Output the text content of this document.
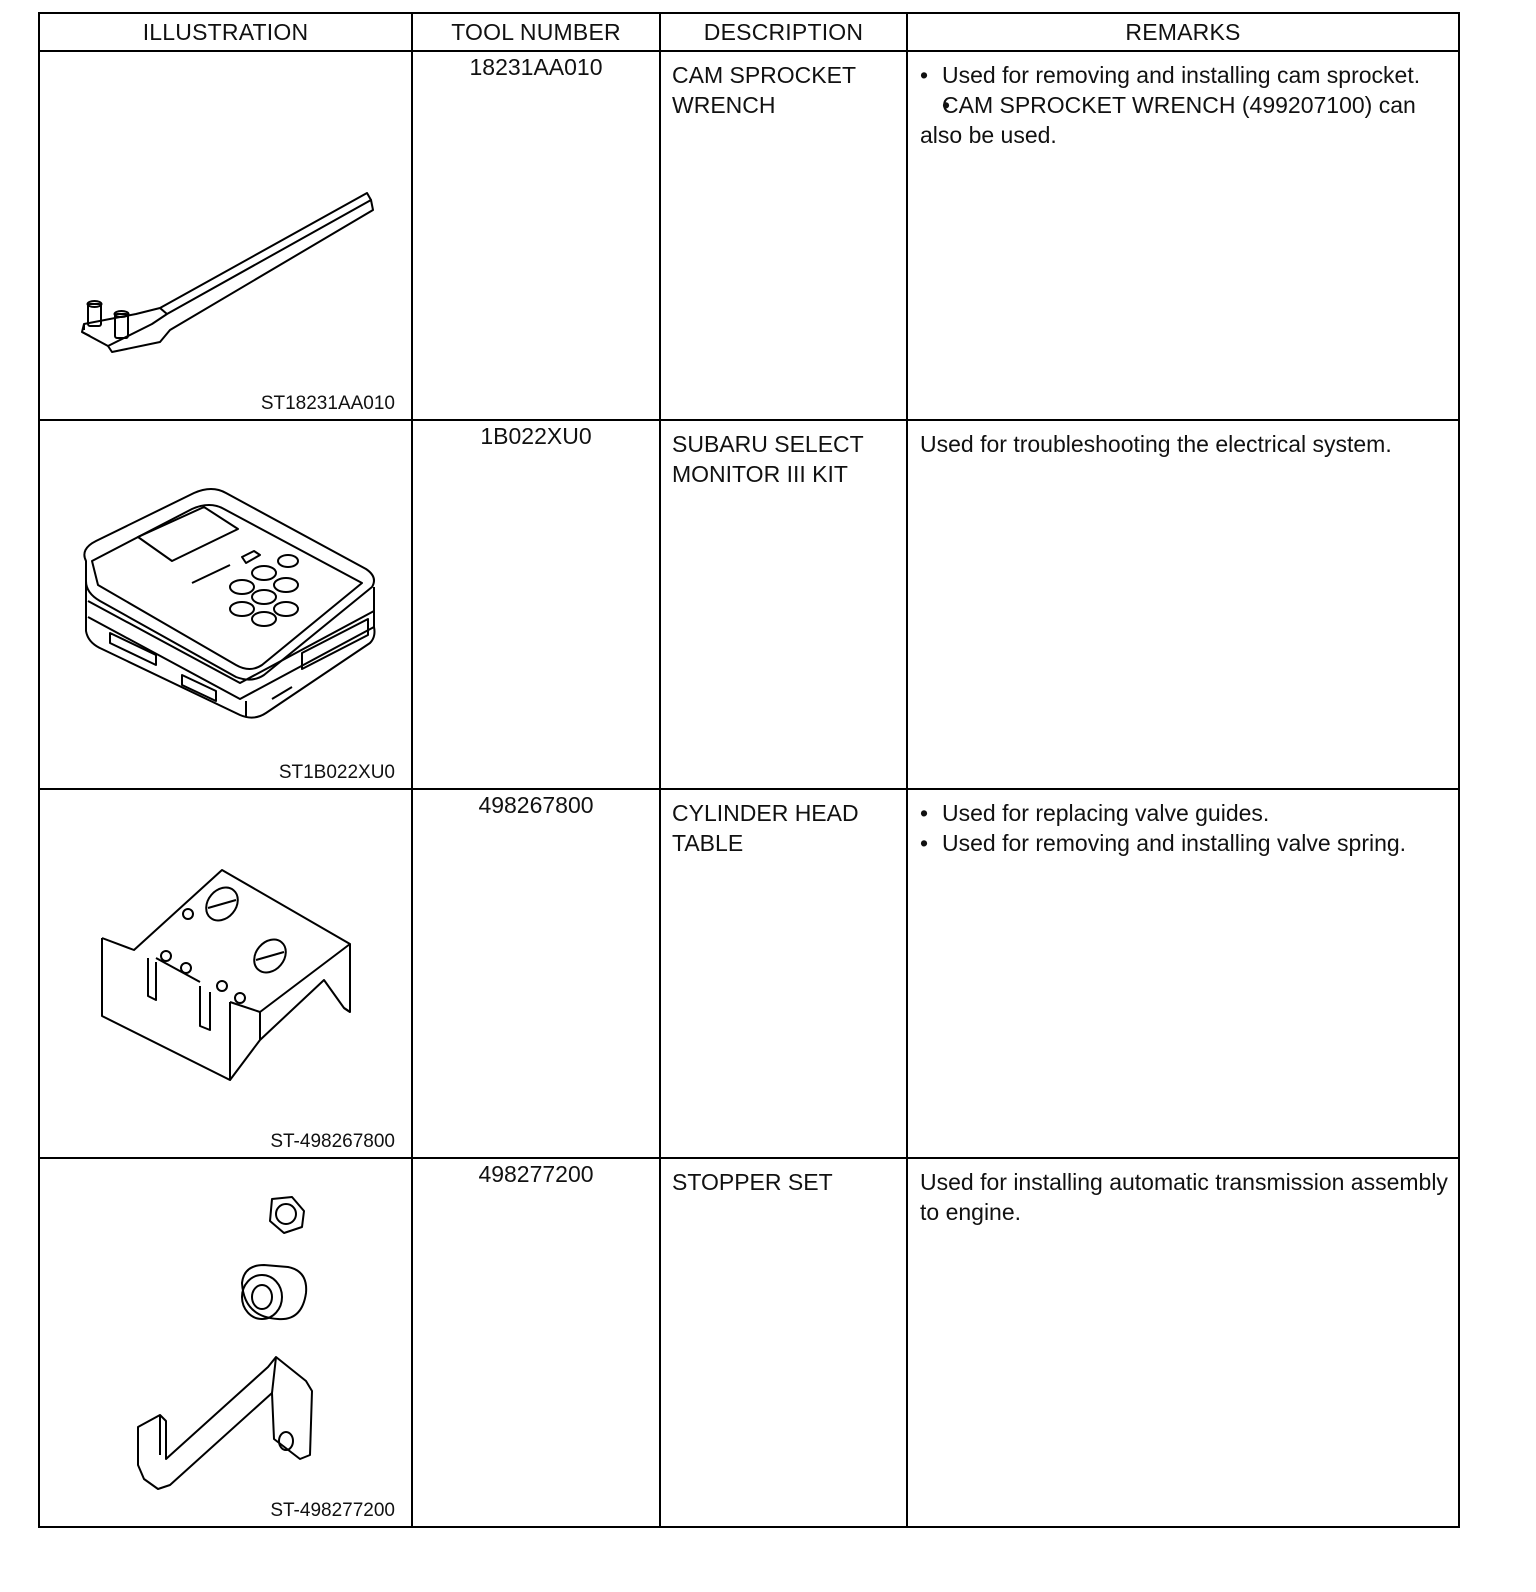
ILLUSTRATION	TOOL NUMBER	DESCRIPTION	REMARKS

ST18231AA010	18231AA010	CAM SPROCKET WRENCH	• Used for removing and installing cam sprocket.
• CAM SPROCKET WRENCH (499207100) can also be used.

ST1B022XU0	1B022XU0	SUBARU SELECT MONITOR III KIT	Used for troubleshooting the electrical system.

ST-498267800	498267800	CYLINDER HEAD TABLE	• Used for replacing valve guides.
• Used for removing and installing valve spring.

ST-498277200	498277200	STOPPER SET	Used for installing automatic transmission assembly to engine.
